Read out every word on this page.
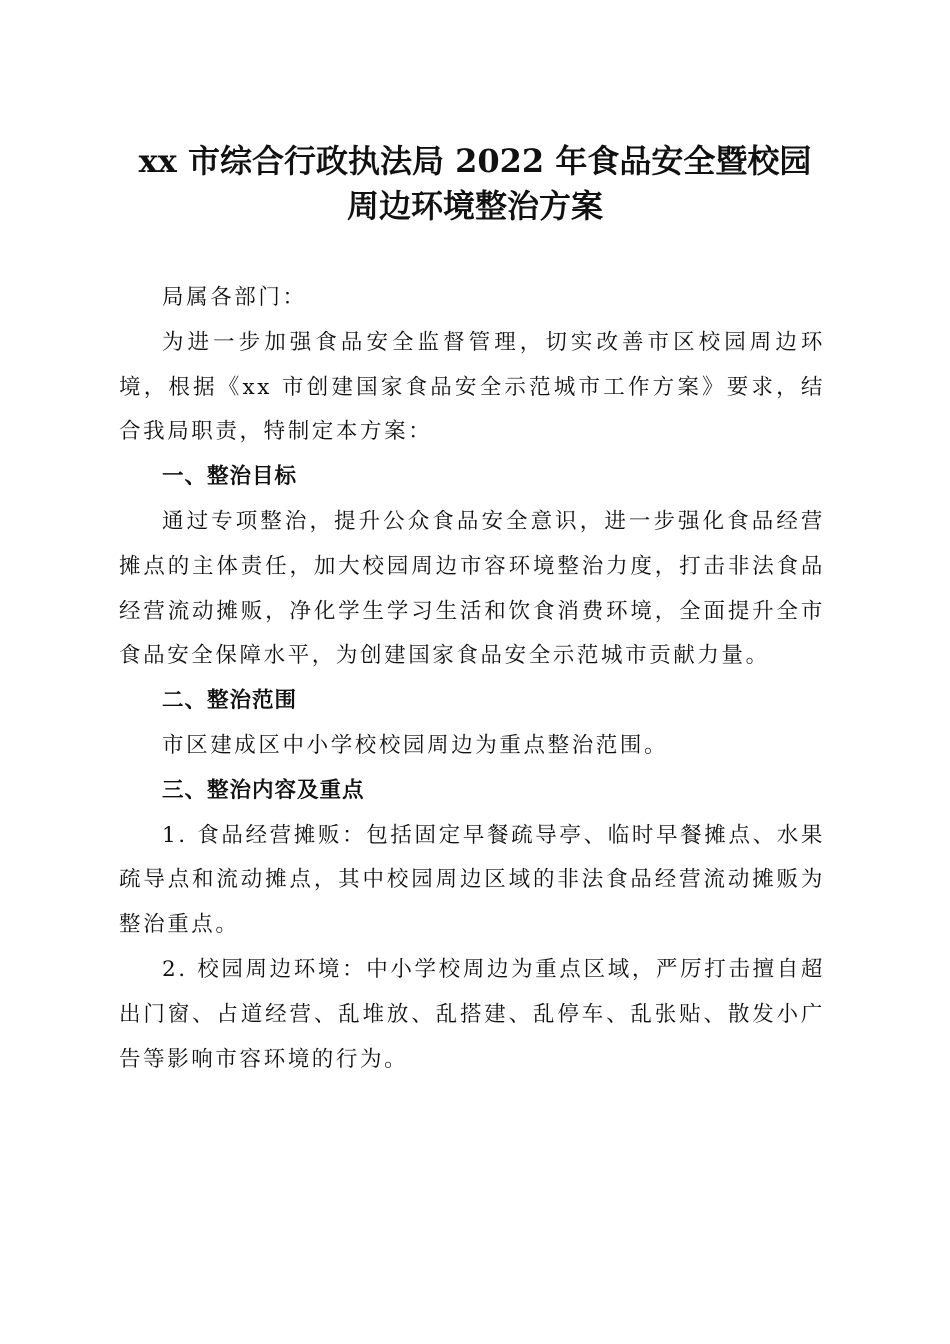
xx 市综合行政执法局 2022 年食品安全暨校园
周边环境整治方案

局属各部门：

为进一步加强食品安全监督管理，切实改善市区校园周边环境，根据《xx 市创建国家食品安全示范城市工作方案》要求，结合我局职责，特制定本方案：

一、整治目标

通过专项整治，提升公众食品安全意识，进一步强化食品经营摊点的主体责任，加大校园周边市容环境整治力度，打击非法食品经营流动摊贩，净化学生学习生活和饮食消费环境，全面提升全市食品安全保障水平，为创建国家食品安全示范城市贡献力量。

二、整治范围

市区建成区中小学校校园周边为重点整治范围。

三、整治内容及重点

1. 食品经营摊贩：包括固定早餐疏导亭、临时早餐摊点、水果疏导点和流动摊点，其中校园周边区域的非法食品经营流动摊贩为整治重点。

2. 校园周边环境：中小学校周边为重点区域，严厉打击擅自超出门窗、占道经营、乱堆放、乱搭建、乱停车、乱张贴、散发小广告等影响市容环境的行为。
